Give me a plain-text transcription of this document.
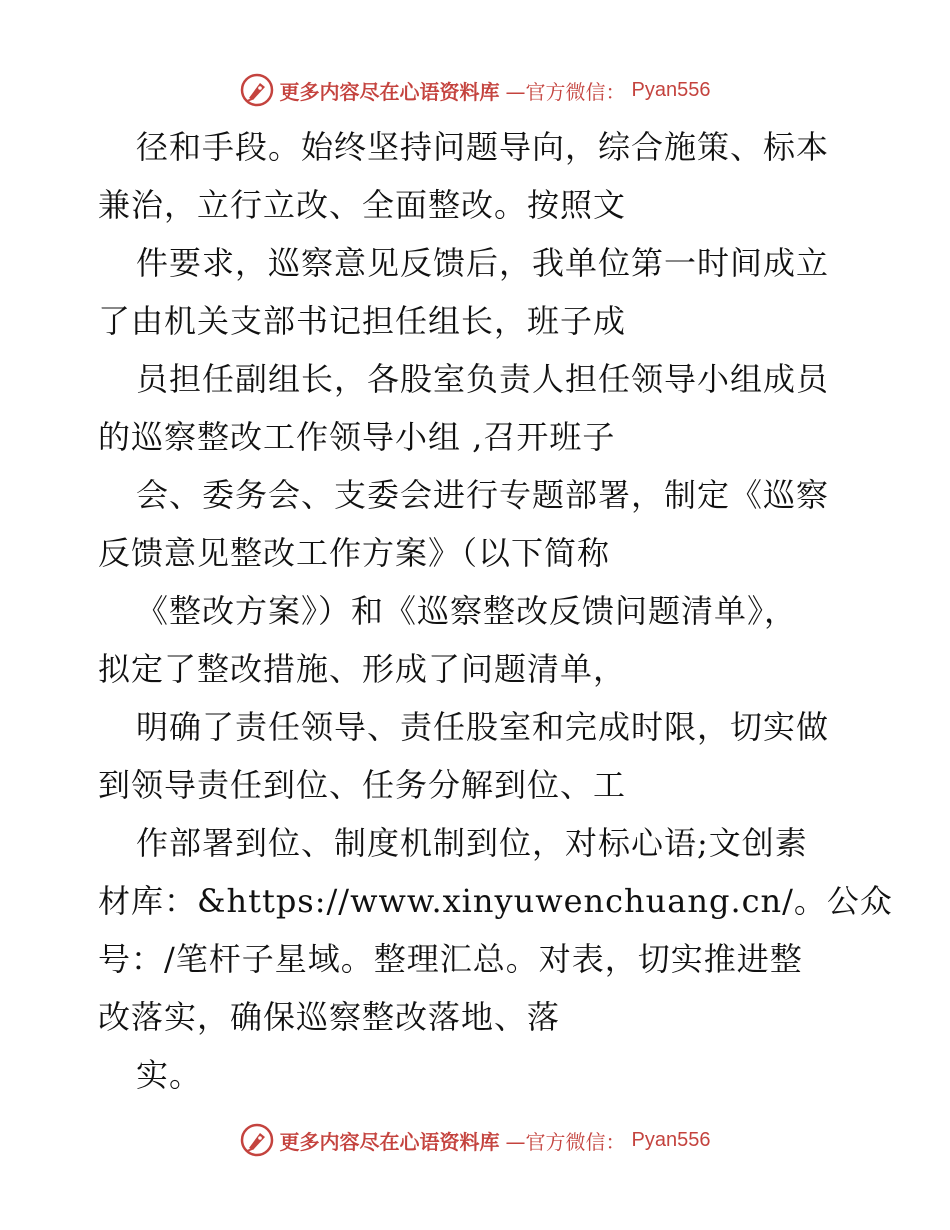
更多内容尽在心语资料库 —官方微信： Pyan556
径和手段。始终坚持问题导向，综合施策、标本
兼治，立行立改、全面整改。按照文
件要求，巡察意见反馈后，我单位第一时间成立
了由机关支部书记担任组长，班子成
员担任副组长，各股室负责人担任领导小组成员
的巡察整改工作领导小组 ,召开班子
会、委务会、支委会进行专题部署，制定《巡察
反馈意见整改工作方案》（以下简称
《整改方案》）和《巡察整改反馈问题清单》，
拟定了整改措施、形成了问题清单，
明确了责任领导、责任股室和完成时限，切实做
到领导责任到位、任务分解到位、工
作部署到位、制度机制到位，对标心语;文创素
材库：&https://www.xinyuwenchuang.cn/。公众
号：/笔杆子星域。整理汇总。对表，切实推进整
改落实，确保巡察整改落地、落
实。
更多内容尽在心语资料库 —官方微信： Pyan556
